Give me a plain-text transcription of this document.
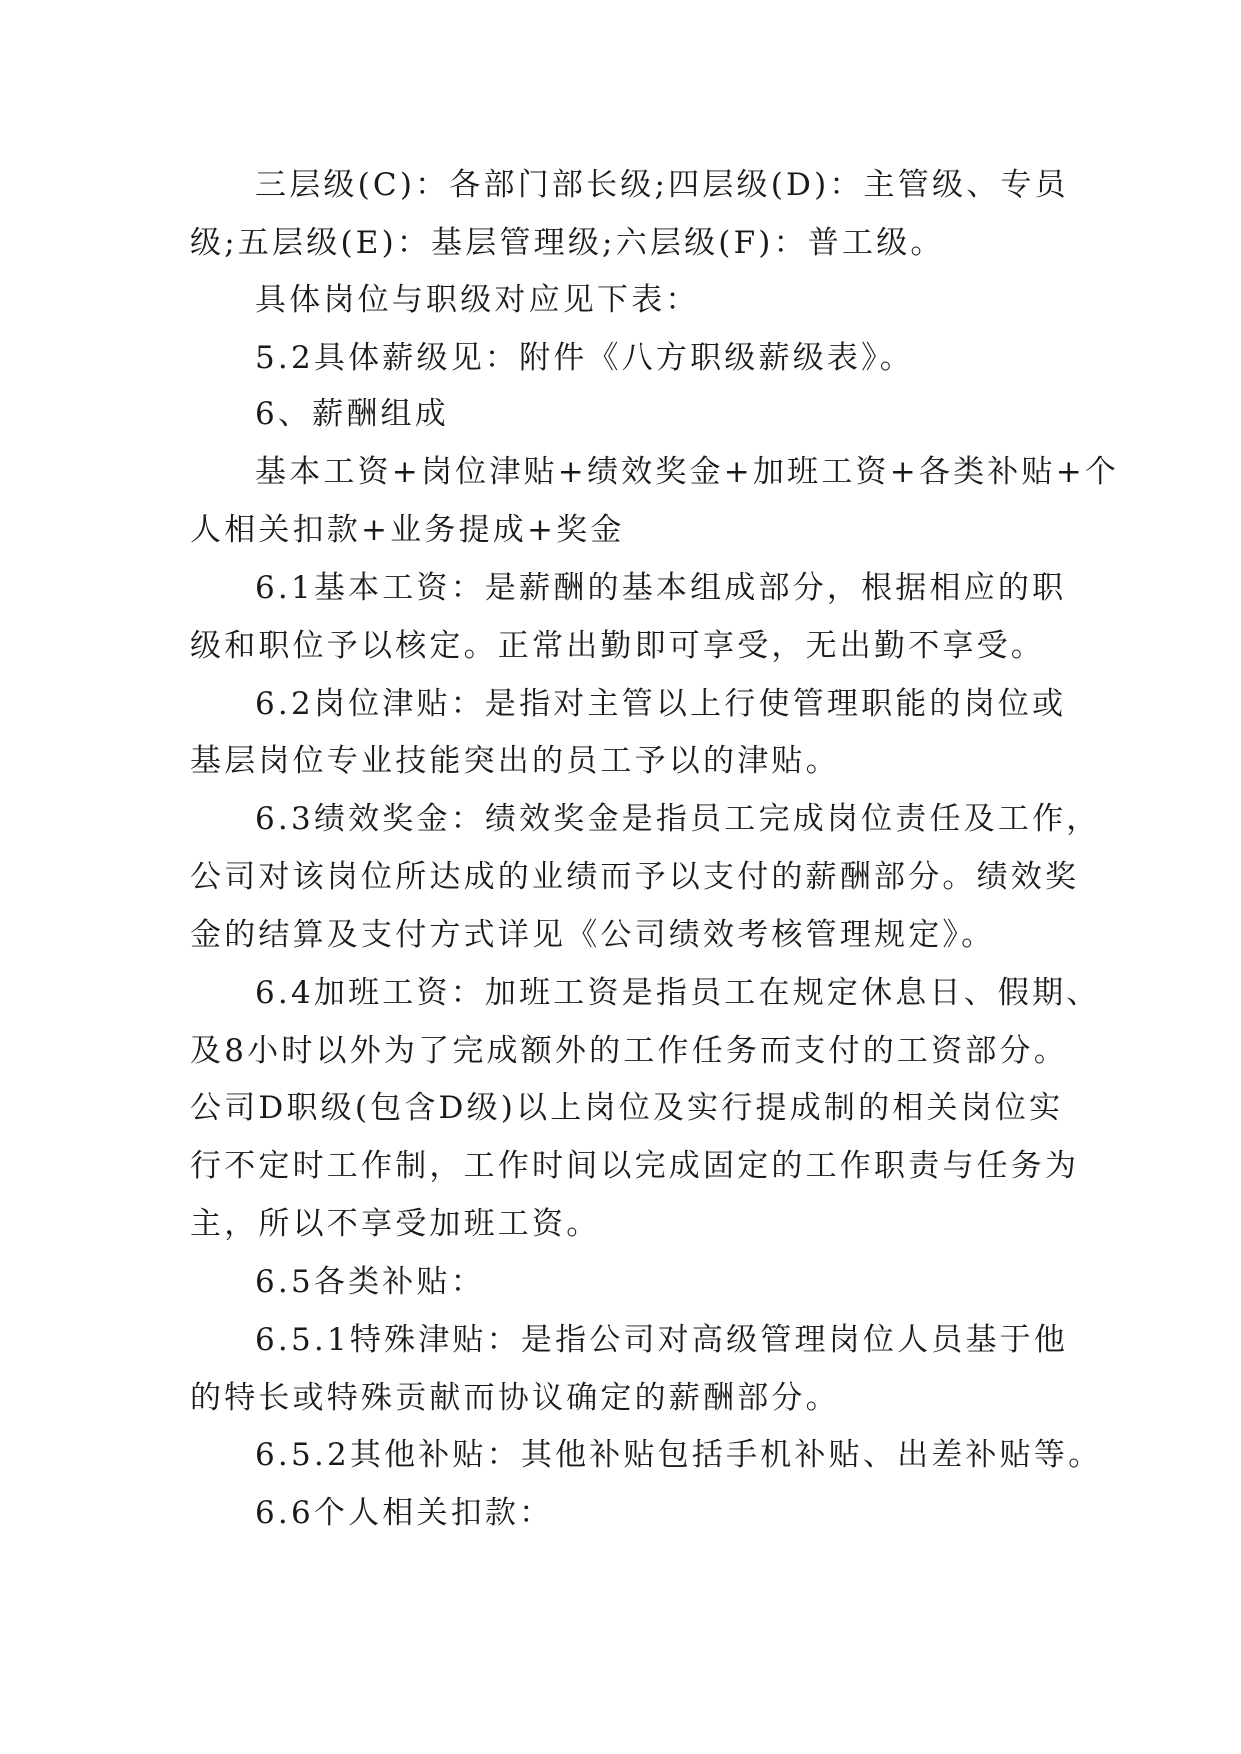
三层级(C)：各部门部长级;四层级(D)：主管级、专员
级;五层级(E)：基层管理级;六层级(F)：普工级。
具体岗位与职级对应见下表：
5.2具体薪级见：附件《八方职级薪级表》。
6、薪酬组成
基本工资+岗位津贴+绩效奖金+加班工资+各类补贴+个
人相关扣款+业务提成+奖金
6.1基本工资：是薪酬的基本组成部分，根据相应的职
级和职位予以核定。正常出勤即可享受，无出勤不享受。
6.2岗位津贴：是指对主管以上行使管理职能的岗位或
基层岗位专业技能突出的员工予以的津贴。
6.3绩效奖金：绩效奖金是指员工完成岗位责任及工作，
公司对该岗位所达成的业绩而予以支付的薪酬部分。绩效奖
金的结算及支付方式详见《公司绩效考核管理规定》。
6.4加班工资：加班工资是指员工在规定休息日、假期、
及8小时以外为了完成额外的工作任务而支付的工资部分。
公司D职级(包含D级)以上岗位及实行提成制的相关岗位实
行不定时工作制，工作时间以完成固定的工作职责与任务为
主，所以不享受加班工资。
6.5各类补贴：
6.5.1特殊津贴：是指公司对高级管理岗位人员基于他
的特长或特殊贡献而协议确定的薪酬部分。
6.5.2其他补贴：其他补贴包括手机补贴、出差补贴等。
6.6个人相关扣款：
